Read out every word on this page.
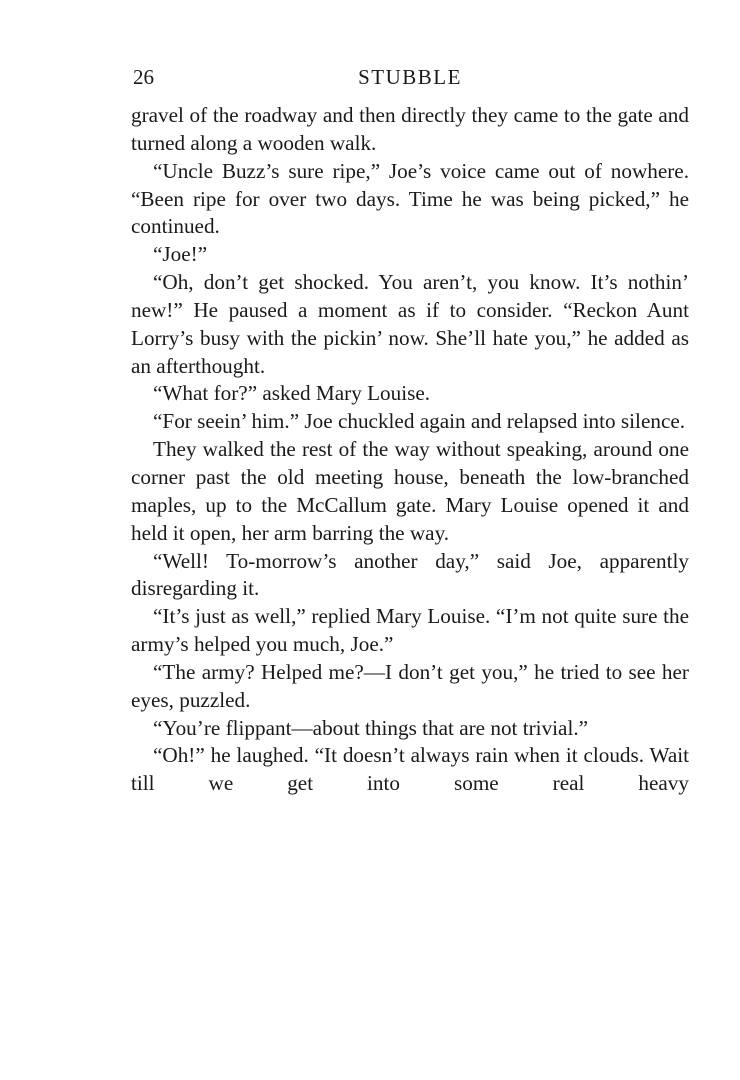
26	STUBBLE

gravel of the roadway and then directly they came to the gate and turned along a wooden walk.

“Uncle Buzz’s sure ripe,” Joe’s voice came out of nowhere. “Been ripe for over two days. Time he was being picked,” he continued.

“Joe!”

“Oh, don’t get shocked. You aren’t, you know. It’s nothin’ new!” He paused a moment as if to consider. “Reckon Aunt Lorry’s busy with the pickin’ now. She’ll hate you,” he added as an afterthought.

“What for?” asked Mary Louise.

“For seein’ him.” Joe chuckled again and relapsed into silence.

They walked the rest of the way without speaking, around one corner past the old meeting house, beneath the low-branched maples, up to the McCallum gate. Mary Louise opened it and held it open, her arm barring the way.

“Well! To-morrow’s another day,” said Joe, apparently disregarding it.

“It’s just as well,” replied Mary Louise. “I’m not quite sure the army’s helped you much, Joe.”

“The army? Helped me?—I don’t get you,” he tried to see her eyes, puzzled.

“You’re flippant—about things that are not trivial.”

“Oh!” he laughed. “It doesn’t always rain when it clouds. Wait till we get into some real heavy
